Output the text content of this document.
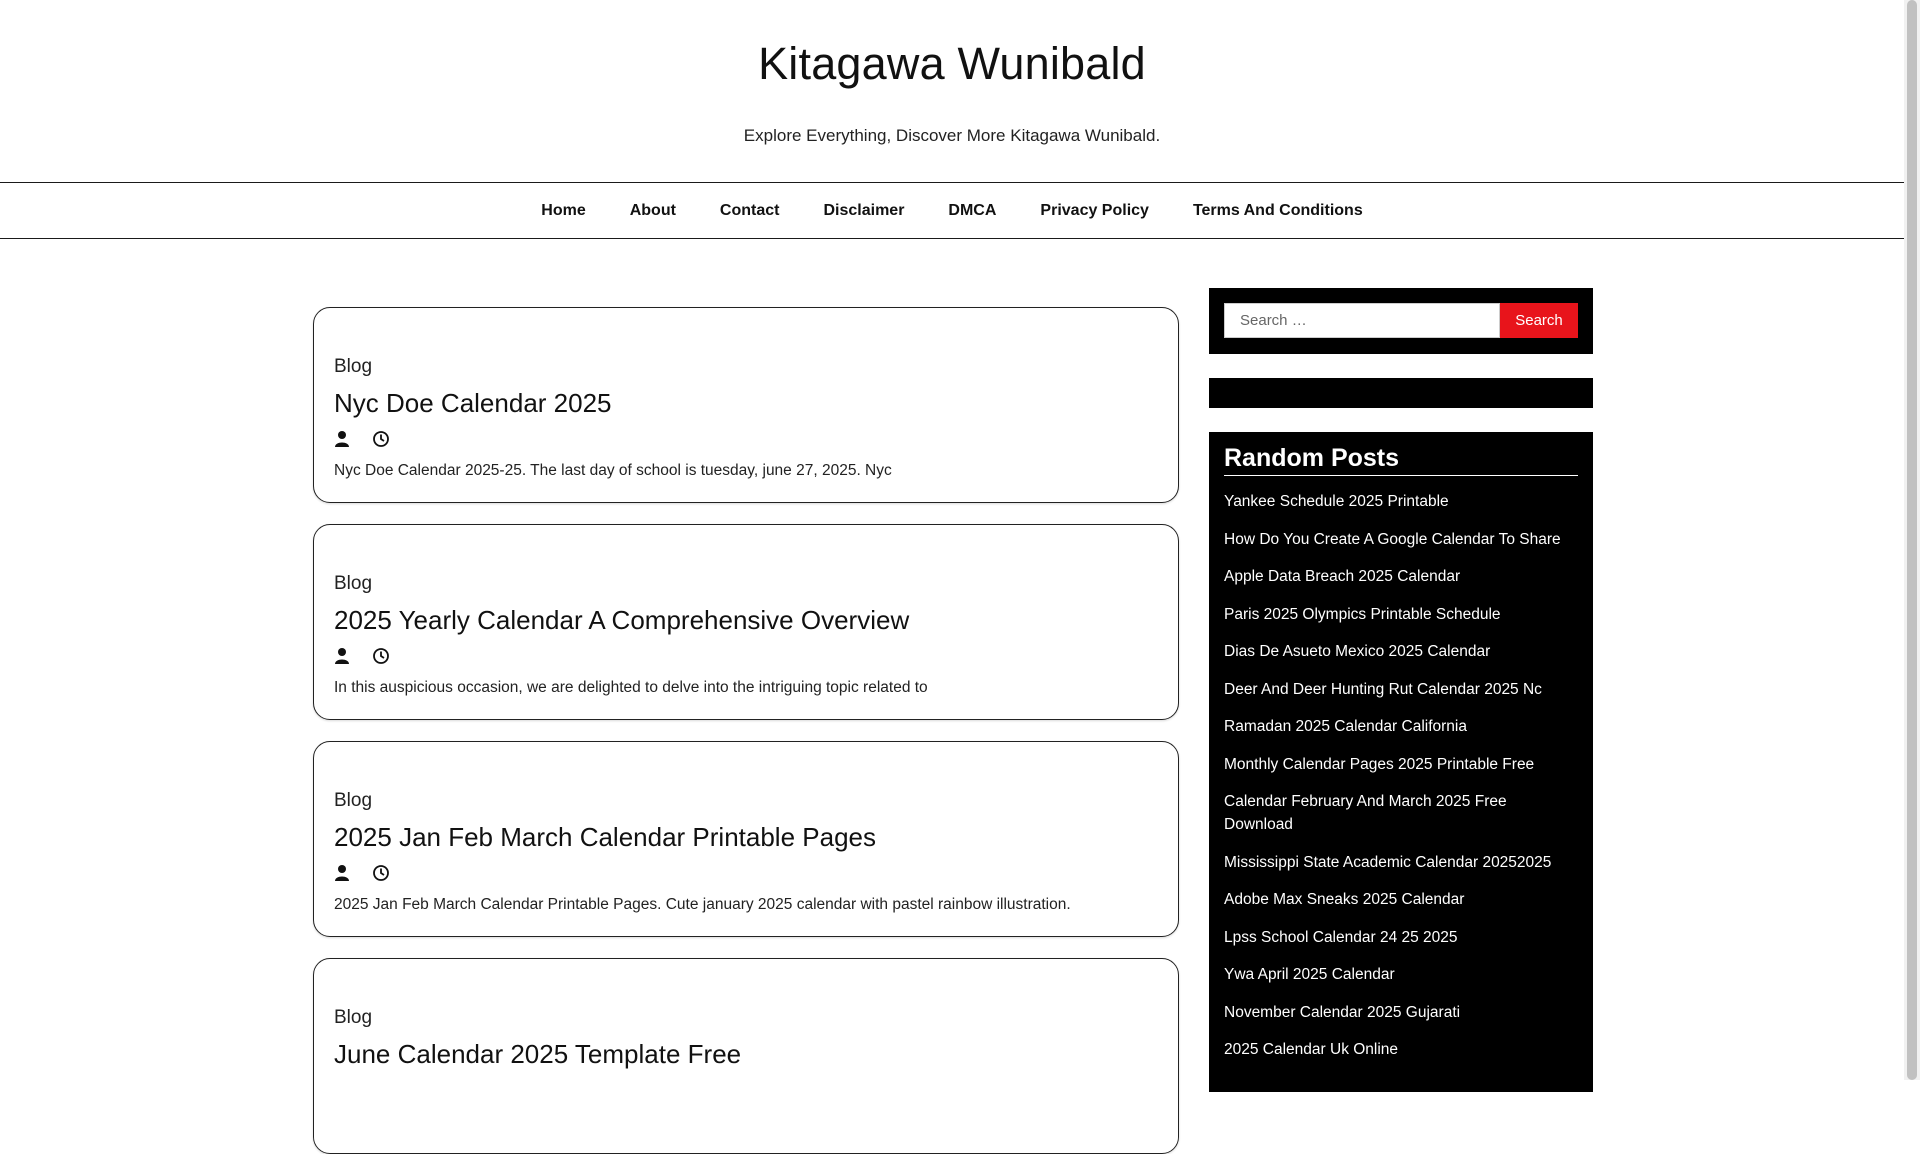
Kitagawa Wunibald
Explore Everything, Discover More Kitagawa Wunibald.
Home	About	Contact	Disclaimer	DMCA	Privacy Policy	Terms And Conditions
Blog
Nyc Doe Calendar 2025
Nyc Doe Calendar 2025-25. The last day of school is tuesday, june 27, 2025. Nyc
Blog
2025 Yearly Calendar A Comprehensive Overview
In this auspicious occasion, we are delighted to delve into the intriguing topic related to
Blog
2025 Jan Feb March Calendar Printable Pages
2025 Jan Feb March Calendar Printable Pages. Cute january 2025 calendar with pastel rainbow illustration.
Blog
June Calendar 2025 Template Free
Search …
Search
Random Posts
Yankee Schedule 2025 Printable
How Do You Create A Google Calendar To Share
Apple Data Breach 2025 Calendar
Paris 2025 Olympics Printable Schedule
Dias De Asueto Mexico 2025 Calendar
Deer And Deer Hunting Rut Calendar 2025 Nc
Ramadan 2025 Calendar California
Monthly Calendar Pages 2025 Printable Free
Calendar February And March 2025 Free Download
Mississippi State Academic Calendar 20252025
Adobe Max Sneaks 2025 Calendar
Lpss School Calendar 24 25 2025
Ywa April 2025 Calendar
November Calendar 2025 Gujarati
2025 Calendar Uk Online
